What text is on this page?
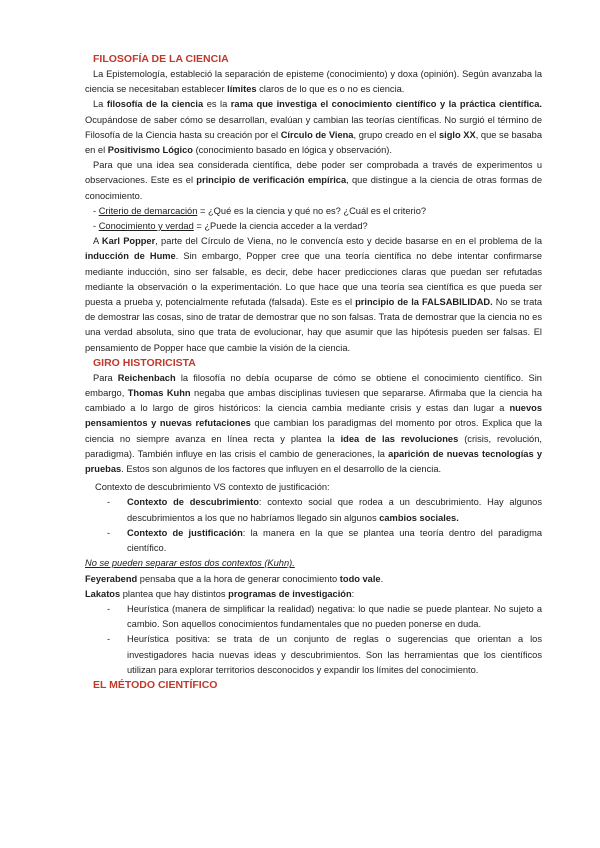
FILOSOFÍA DE LA CIENCIA

La Epistemología, estableció la separación de episteme (conocimiento) y doxa (opinión). Según avanzaba la ciencia se necesitaban establecer límites claros de lo que es o no es ciencia.

La filosofía de la ciencia es la rama que investiga el conocimiento científico y la práctica científica. Ocupándose de saber cómo se desarrollan, evalúan y cambian las teorías científicas. No surgió el término de Filosofía de la Ciencia hasta su creación por el Círculo de Viena, grupo creado en el siglo XX, que se basaba en el Positivismo Lógico (conocimiento basado en lógica y observación).

Para que una idea sea considerada científica, debe poder ser comprobada a través de experimentos u observaciones. Este es el principio de verificación empírica, que distingue a la ciencia de otras formas de conocimiento.

- Criterio de demarcación = ¿Qué es la ciencia y qué no es? ¿Cuál es el criterio?

- Conocimiento y verdad = ¿Puede la ciencia acceder a la verdad?

A Karl Popper, parte del Círculo de Viena, no le convencía esto y decide basarse en en el problema de la inducción de Hume. Sin embargo, Popper cree que una teoría científica no debe intentar confirmarse mediante inducción, sino ser falsable, es decir, debe hacer predicciones claras que puedan ser refutadas mediante la observación o la experimentación. Lo que hace que una teoría sea científica es que pueda ser puesta a prueba y, potencialmente refutada (falsada). Este es el principio de la FALSABILIDAD. No se trata de demostrar las cosas, sino de tratar de demostrar que no son falsas. Trata de demostrar que la ciencia no es una verdad absoluta, sino que trata de evolucionar, hay que asumir que las hipótesis pueden ser falsas. El pensamiento de Popper hace que cambie la visión de la ciencia.

GIRO HISTORICISTA

Para Reichenbach la filosofía no debía ocuparse de cómo se obtiene el conocimiento científico. Sin embargo, Thomas Kuhn negaba que ambas disciplinas tuviesen que separarse. Afirmaba que la ciencia ha cambiado a lo largo de giros históricos: la ciencia cambia mediante crisis y estas dan lugar a nuevos pensamientos y nuevas refutaciones que cambian los paradigmas del momento por otros. Explica que la ciencia no siempre avanza en línea recta y plantea la idea de las revoluciones (crisis, revolución, paradigma). También influye en las crisis el cambio de generaciones, la aparición de nuevas tecnologías y pruebas. Estos son algunos de los factores que influyen en el desarrollo de la ciencia.

Contexto de descubrimiento VS contexto de justificación:

- Contexto de descubrimiento: contexto social que rodea a un descubrimiento. Hay algunos descubrimientos a los que no habríamos llegado sin algunos cambios sociales.
- Contexto de justificación: la manera en la que se plantea una teoría dentro del paradigma científico.

No se pueden separar estos dos contextos (Kuhn).

Feyerabend pensaba que a la hora de generar conocimiento todo vale.

Lakatos plantea que hay distintos programas de investigación:

- Heurística (manera de simplificar la realidad) negativa: lo que nadie se puede plantear. No sujeto a cambio. Son aquellos conocimientos fundamentales que no pueden ponerse en duda.
- Heurística positiva: se trata de un conjunto de reglas o sugerencias que orientan a los investigadores hacia nuevas ideas y descubrimientos. Son las herramientas que los científicos utilizan para explorar territorios desconocidos y expandir los límites del conocimiento.
EL MÉTODO CIENTÍFICO
